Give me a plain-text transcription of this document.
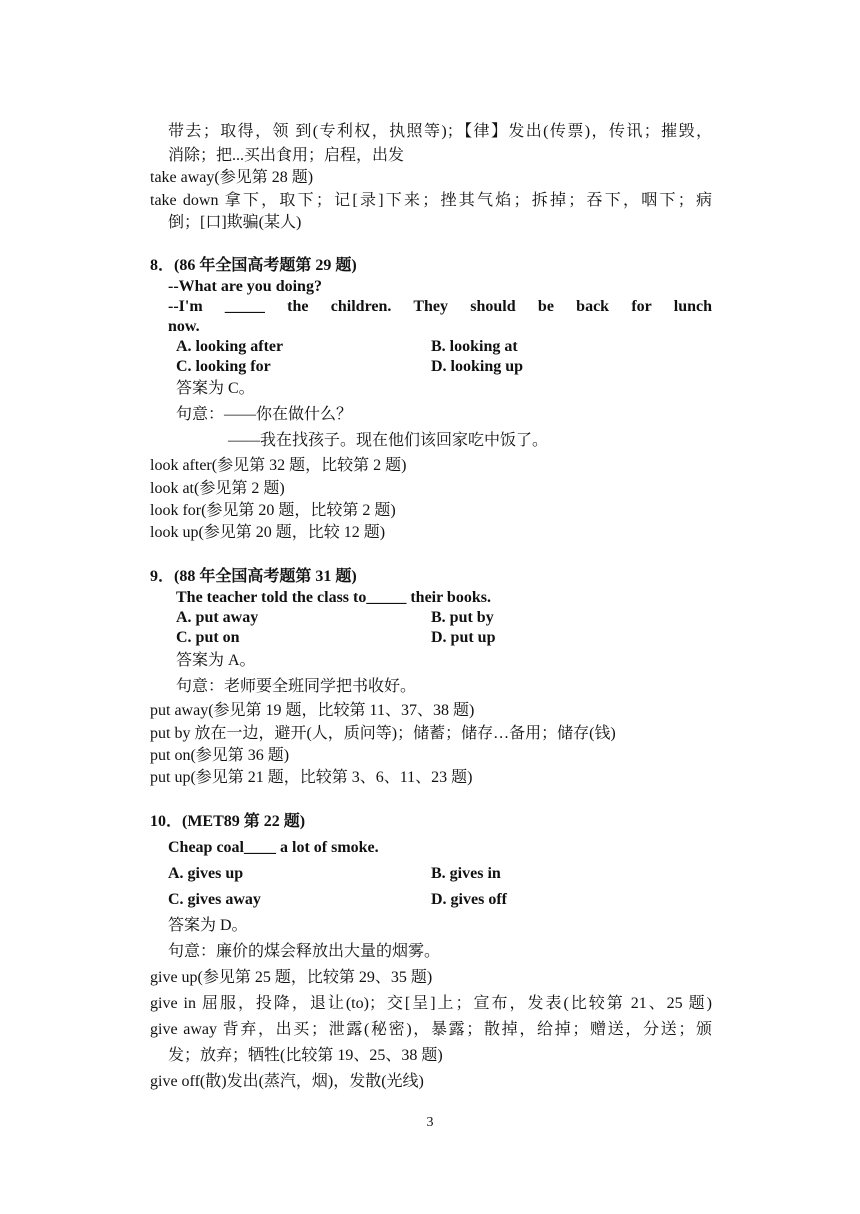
带去；取得，领 到(专利权，执照等)；【律】发出(传票)，传讯；摧毁，
消除；把...买出食用；启程，出发
take away(参见第 28 题)
take down 拿下，取下；记[录]下来；挫其气焰；拆掉；吞下，咽下；病
倒；[口]欺骗(某人)
8．(86 年全国高考题第 29 题)
--What are you doing?
--I'm _____ the children. They should be back for lunch
now.
A. looking after	B. looking at
C. looking for	D. looking up
答案为 C。
句意：——你在做什么？
——我在找孩子。现在他们该回家吃中饭了。
look after(参见第 32 题，比较第 2 题)
look at(参见第 2 题)
look for(参见第 20 题，比较第 2 题)
look up(参见第 20 题，比较 12 题)
9．(88 年全国高考题第 31 题)
The teacher told the class to_____ their books.
A. put away	B. put by
C. put on	D. put up
答案为 A。
句意：老师要全班同学把书收好。
put away(参见第 19 题，比较第 11、37、38 题)
put by 放在一边，避开(人，质问等)；储蓄；储存…备用；储存(钱)
put on(参见第 36 题)
put up(参见第 21 题，比较第 3、6、11、23 题)
10．(MET89 第 22 题)
Cheap coal____ a lot of smoke.
A. gives up	B. gives in
C. gives away	D. gives off
答案为 D。
句意：廉价的煤会释放出大量的烟雾。
give up(参见第 25 题，比较第 29、35 题)
give in 屈服，投降，退让(to)；交[呈]上；宣布，发表(比较第 21、25 题)
give away 背弃，出买；泄露(秘密)，暴露；散掉，给掉；赠送，分送；颁
发；放弃；牺牲(比较第 19、25、38 题)
give off(散)发出(蒸汽，烟)，发散(光线)
3
